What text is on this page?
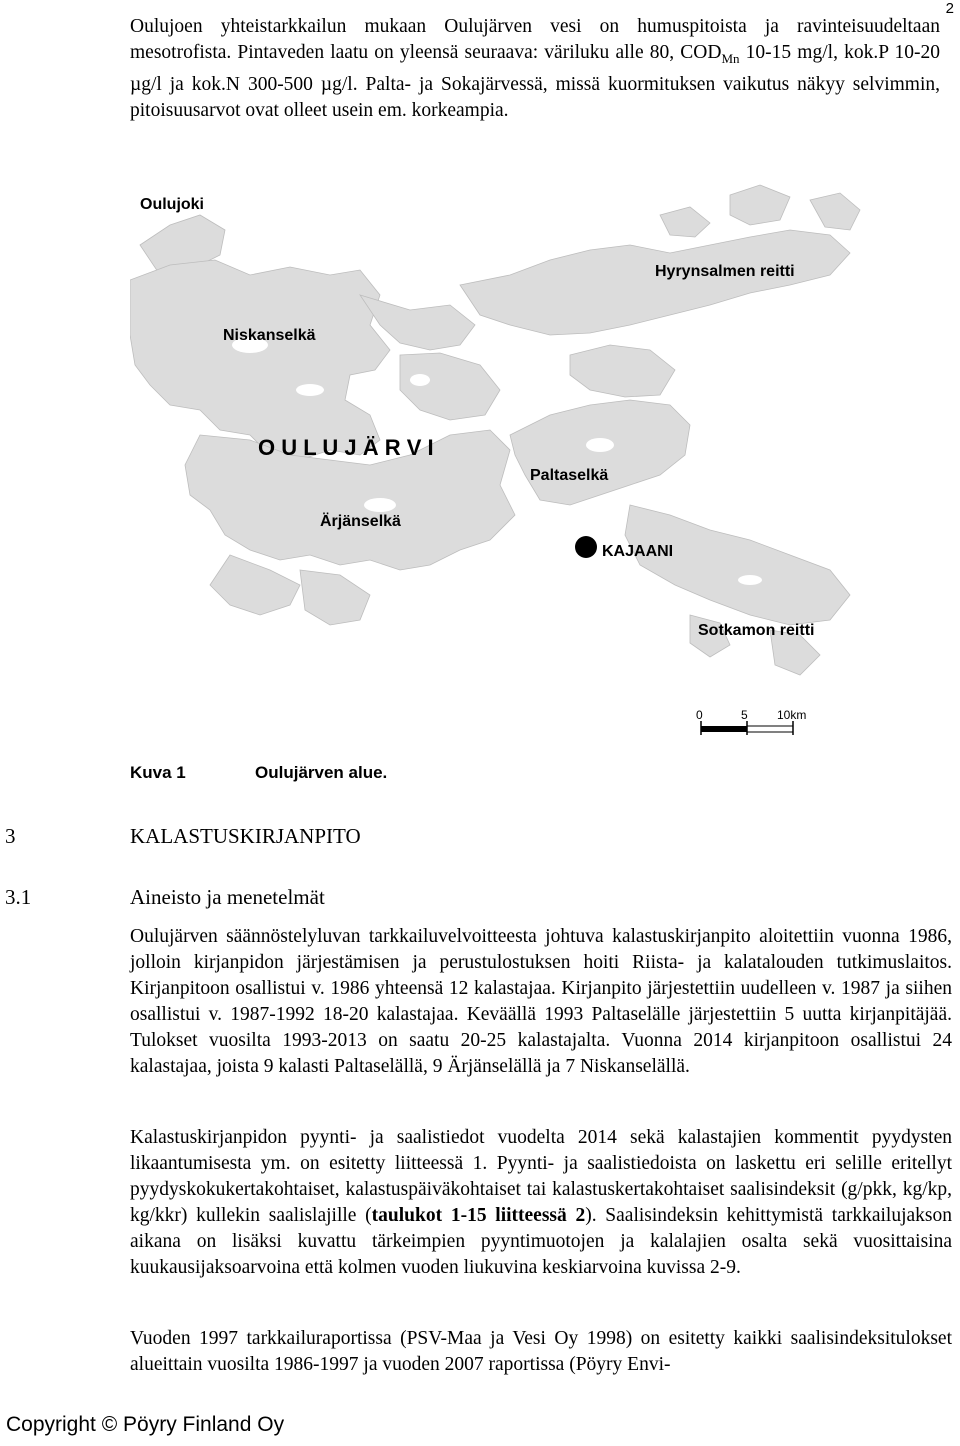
2

Oulujoen yhteistarkkailun mukaan Oulujärven vesi on humuspitoista ja ravinteisuudeltaan mesotrofista. Pintaveden laatu on yleensä seuraava: väriluku alle 80, $COD_{Mn}$ 10-15 mg/l, kok.P 10-20 µg/l ja kok.N 300-500 µg/l. Palta- ja Sokajärvessä, missä kuormituksen vaikutus näkyy selvimmin, pitoisuusarvot ovat olleet usein em. korkeampia.

Oulujoki
Hyrynsalmen reitti
Niskanselkä
O U L U J Ä R V I
Paltaselkä
Ärjänselkä
KAJAANI
Sotkamon reitti
0	5 10km
Kuva 1	Oulujärven alue.
3	KALASTUSKIRJANPITO
3.1	Aineisto ja menetelmät

Oulujärven säännöstelyluvan tarkkailuvelvoitteesta johtuva kalastuskirjanpito aloitettiin vuonna 1986, jolloin kirjanpidon järjestämisen ja perustulostuksen hoiti Riista- ja kalatalouden tutkimuslaitos. Kirjanpitoon osallistui v. 1986 yhteensä 12 kalastajaa. Kirjanpito järjestettiin uudelleen v. 1987 ja siihen osallistui v. 1987-1992 18-20 kalastajaa. Keväällä 1993 Paltaselälle järjestettiin 5 uutta kirjanpitäjää. Tulokset vuosilta 1993-2013 on saatu 20-25 kalastajalta. Vuonna 2014 kirjanpitoon osallistui 24 kalastajaa, joista 9 kalasti Paltaselällä, 9 Ärjänselällä ja 7 Niskanselällä.

Kalastuskirjanpidon pyynti- ja saalistiedot vuodelta 2014 sekä kalastajien kommentit pyydysten likaantumisesta ym. on esitetty liitteessä 1. Pyynti- ja saalistiedoista on laskettu eri selille eritellyt pyydyskokukertakohtaiset, kalastuspäiväkohtaiset tai kalastuskertakohtaiset saalisindeksit (g/pkk, kg/kp, kg/kkr) kullekin saalislajille (taulukot 1-15 liitteessä 2). Saalisindeksin kehittymistä tarkkailujakson aikana on lisäksi kuvattu tärkeimpien pyyntimuotojen ja kalalajien osalta sekä vuosittaisina kuukausijaksoarvoina että kolmen vuoden liukuvina keskiarvoina kuvissa 2-9.

Vuoden 1997 tarkkailuraportissa (PSV-Maa ja Vesi Oy 1998) on esitetty kaikki saalisindeksitulokset alueittain vuosilta 1986-1997 ja vuoden 2007 raportissa (Pöyry Envi-

Copyright © Pöyry Finland Oy
